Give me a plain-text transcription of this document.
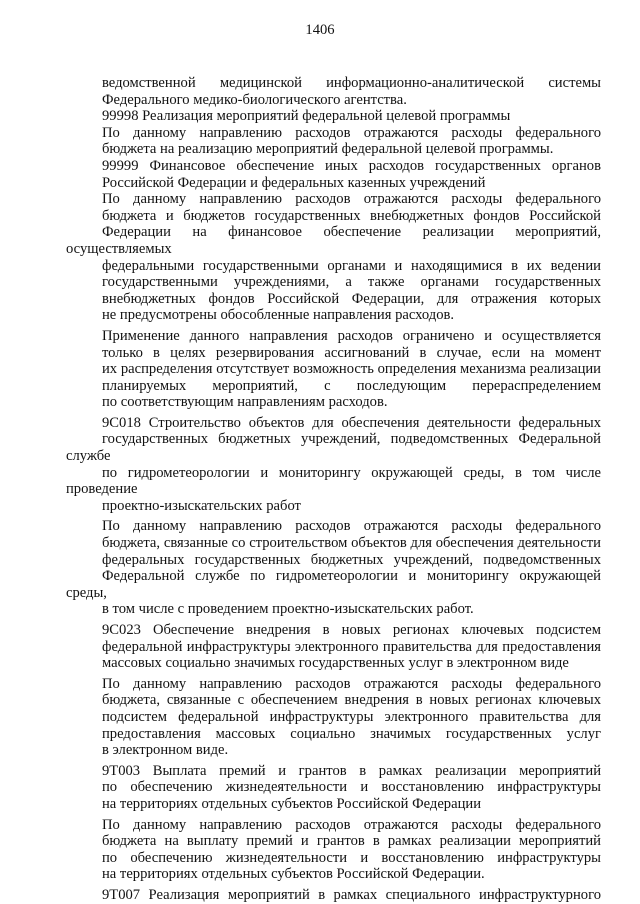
1406
ведомственной медицинской информационно-аналитической системы
Федерального медико-биологического агентства.
99998 Реализация мероприятий федеральной целевой программы
По данному направлению расходов отражаются расходы федерального
бюджета на реализацию мероприятий федеральной целевой программы.
99999 Финансовое обеспечение иных расходов государственных органов
Российской Федерации и федеральных казенных учреждений
По данному направлению расходов отражаются расходы федерального
бюджета и бюджетов государственных внебюджетных фондов Российской
Федерации на финансовое обеспечение реализации мероприятий, осуществляемых
федеральными государственными органами и находящимися в их ведении
государственными учреждениями, а также органами государственных
внебюджетных фондов Российской Федерации, для отражения которых
не предусмотрены обособленные направления расходов.
Применение данного направления расходов ограничено и осуществляется
только в целях резервирования ассигнований в случае, если на момент
их распределения отсутствует возможность определения механизма реализации
планируемых мероприятий, с последующим перераспределением
по соответствующим направлениям расходов.
9С018 Строительство объектов для обеспечения деятельности федеральных
государственных бюджетных учреждений, подведомственных Федеральной службе
по гидрометеорологии и мониторингу окружающей среды, в том числе проведение
проектно-изыскательских работ
По данному направлению расходов отражаются расходы федерального
бюджета, связанные со строительством объектов для обеспечения деятельности
федеральных государственных бюджетных учреждений, подведомственных
Федеральной службе по гидрометеорологии и мониторингу окружающей среды,
в том числе с проведением проектно-изыскательских работ.
9С023 Обеспечение внедрения в новых регионах ключевых подсистем
федеральной инфраструктуры электронного правительства для предоставления
массовых социально значимых государственных услуг в электронном виде
По данному направлению расходов отражаются расходы федерального
бюджета, связанные с обеспечением внедрения в новых регионах ключевых
подсистем федеральной инфраструктуры электронного правительства для
предоставления массовых социально значимых государственных услуг
в электронном виде.
9Т003 Выплата премий и грантов в рамках реализации мероприятий
по обеспечению жизнедеятельности и восстановлению инфраструктуры
на территориях отдельных субъектов Российской Федерации
По данному направлению расходов отражаются расходы федерального
бюджета на выплату премий и грантов в рамках реализации мероприятий
по обеспечению жизнедеятельности и восстановлению инфраструктуры
на территориях отдельных субъектов Российской Федерации.
9Т007 Реализация мероприятий в рамках специального инфраструктурного
